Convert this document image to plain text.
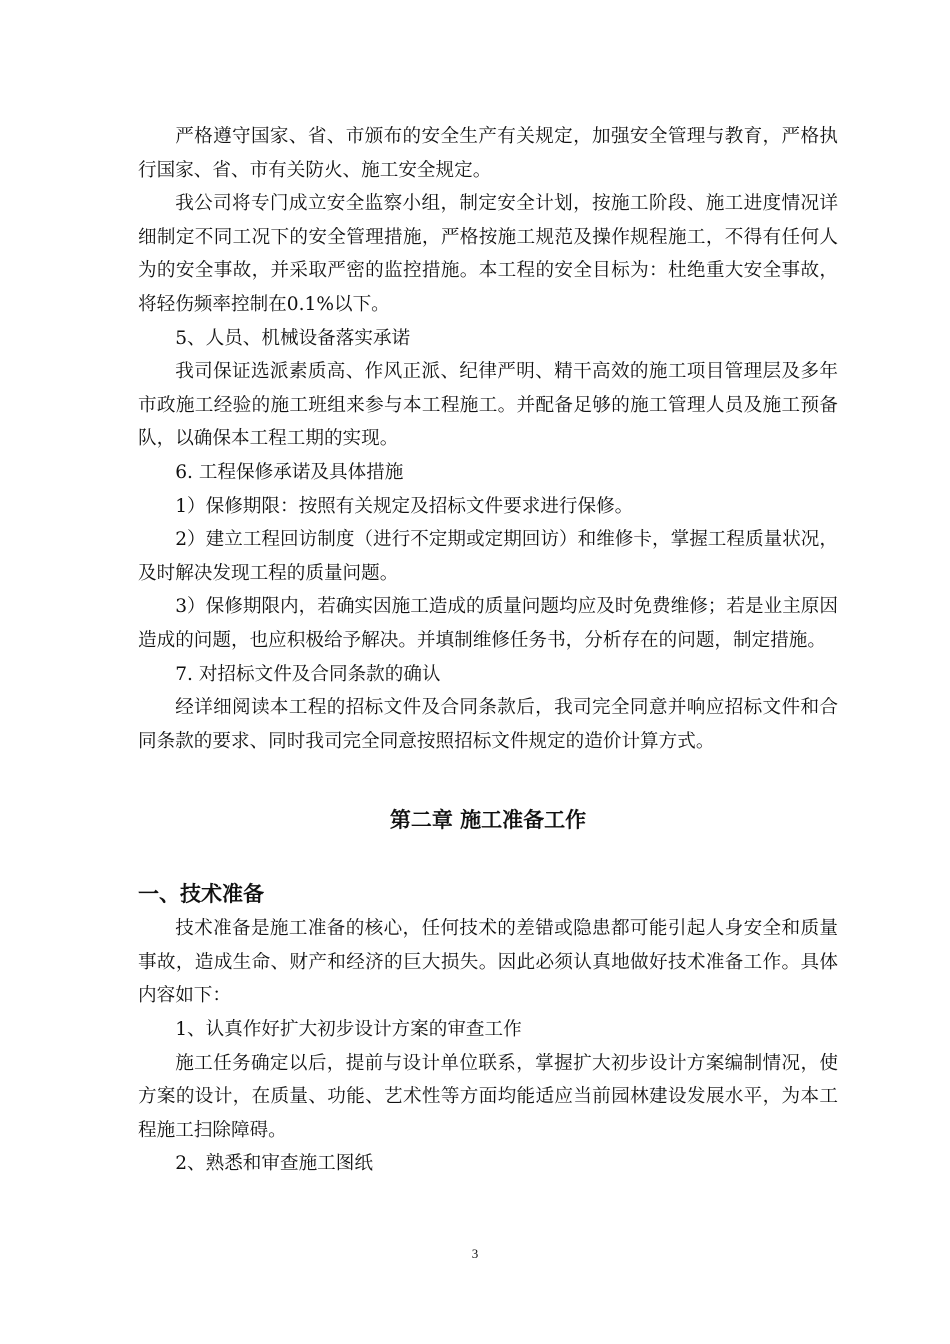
严格遵守国家、省、市颁布的安全生产有关规定，加强安全管理与教育，严格执行国家、省、市有关防火、施工安全规定。

我公司将专门成立安全监察小组，制定安全计划，按施工阶段、施工进度情况详细制定不同工况下的安全管理措施，严格按施工规范及操作规程施工，不得有任何人为的安全事故，并采取严密的监控措施。本工程的安全目标为：杜绝重大安全事故，将轻伤频率控制在0.1%以下。

5、人员、机械设备落实承诺

我司保证选派素质高、作风正派、纪律严明、精干高效的施工项目管理层及多年市政施工经验的施工班组来参与本工程施工。并配备足够的施工管理人员及施工预备队，以确保本工程工期的实现。

6. 工程保修承诺及具体措施

1）保修期限：按照有关规定及招标文件要求进行保修。

2）建立工程回访制度（进行不定期或定期回访）和维修卡，掌握工程质量状况，及时解决发现工程的质量问题。

3）保修期限内，若确实因施工造成的质量问题均应及时免费维修；若是业主原因造成的问题，也应积极给予解决。并填制维修任务书，分析存在的问题，制定措施。

7. 对招标文件及合同条款的确认

经详细阅读本工程的招标文件及合同条款后，我司完全同意并响应招标文件和合同条款的要求、同时我司完全同意按照招标文件规定的造价计算方式。

第二章 施工准备工作
一、技术准备

技术准备是施工准备的核心，任何技术的差错或隐患都可能引起人身安全和质量事故，造成生命、财产和经济的巨大损失。因此必须认真地做好技术准备工作。具体内容如下：

1、认真作好扩大初步设计方案的审查工作

施工任务确定以后，提前与设计单位联系，掌握扩大初步设计方案编制情况，使方案的设计，在质量、功能、艺术性等方面均能适应当前园林建设发展水平，为本工程施工扫除障碍。

2、熟悉和审查施工图纸

3
